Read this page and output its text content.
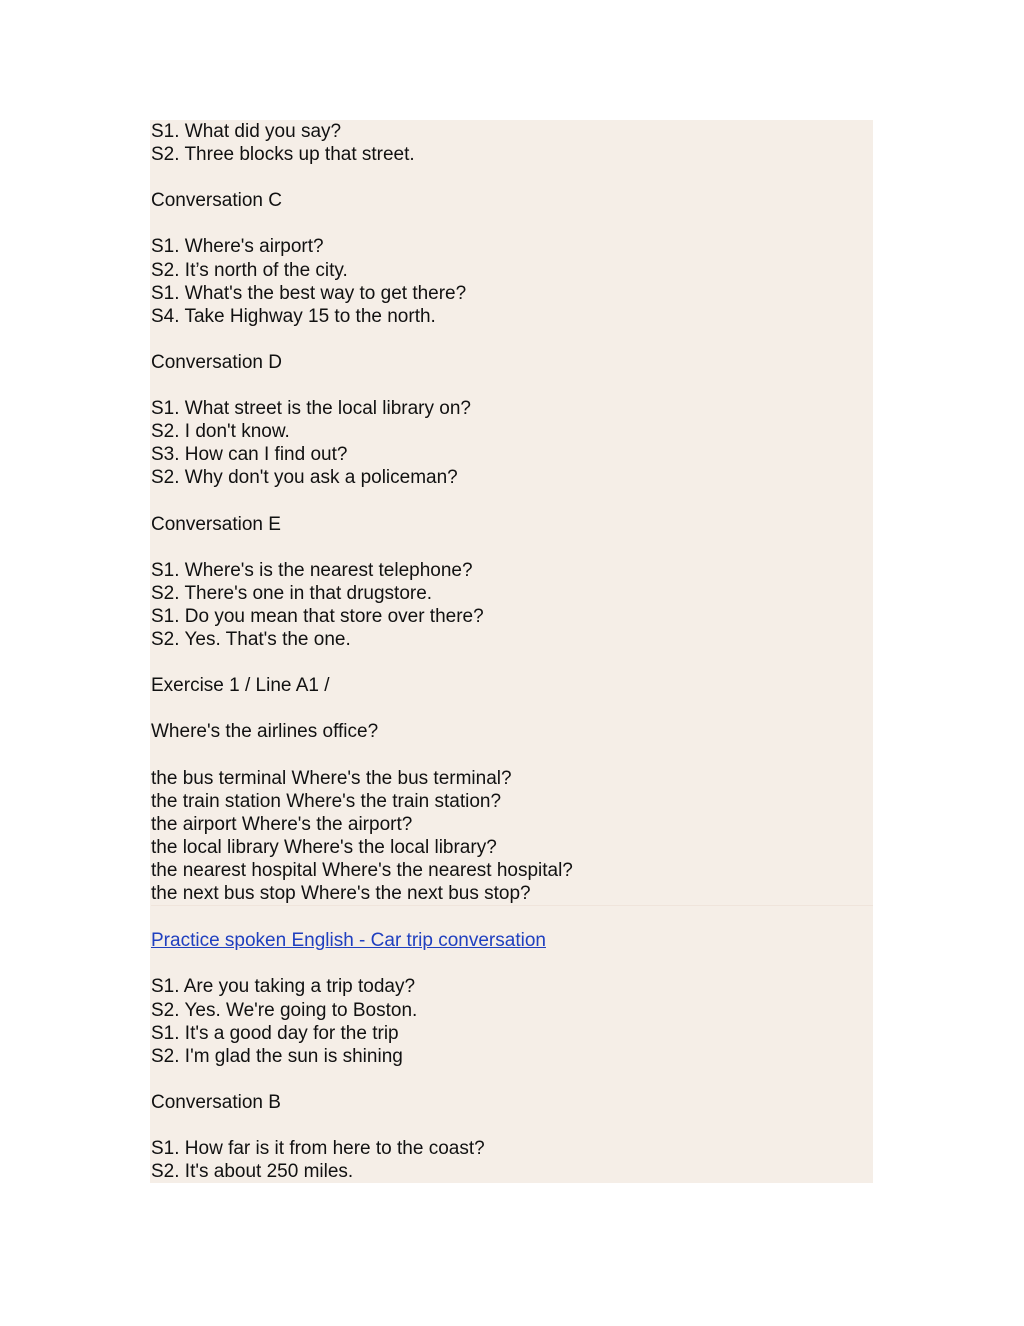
S1. What did you say?
S2. Three blocks up that street.
Conversation C
S1. Where's airport?
S2. It’s north of the city.
S1. What's the best way to get there?
S4. Take Highway 15 to the north.
Conversation D
S1. What street is the local library on?
S2. I don't know.
S3. How can I find out?
S2. Why don't you ask a policeman?
Conversation E
S1. Where's is the nearest telephone?
S2. There's one in that drugstore.
S1. Do you mean that store over there?
S2. Yes. That's the one.
Exercise 1 / Line A1 /
Where's the airlines office?
the bus terminal Where's the bus terminal?
the train station Where's the train station?
the airport Where's the airport?
the local library Where's the local library?
the nearest hospital Where's the nearest hospital?
the next bus stop Where's the next bus stop?
Practice spoken English - Car trip conversation
S1. Are you taking a trip today?
S2. Yes. We're going to Boston.
S1. It's a good day for the trip
S2. I'm glad the sun is shining
Conversation B
S1. How far is it from here to the coast?
S2. It's about 250 miles.
